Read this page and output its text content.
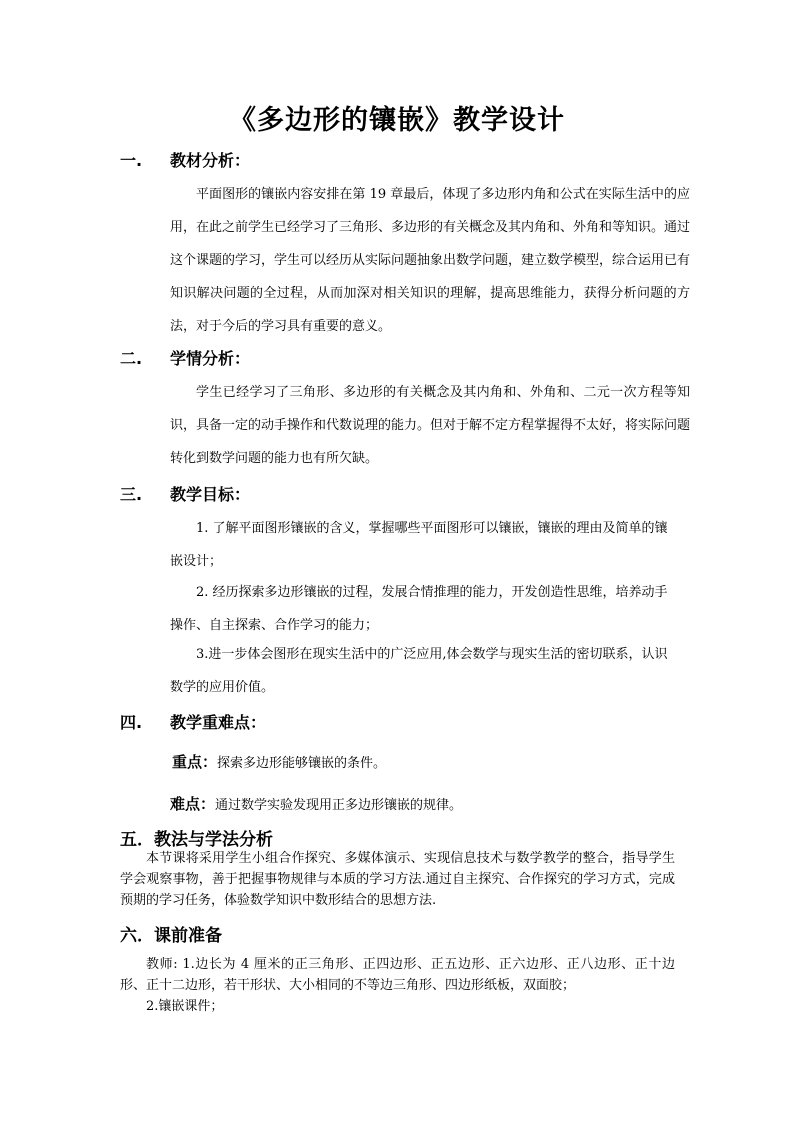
《多边形的镶嵌》教学设计
一.	教材分析：
平面图形的镶嵌内容安排在第 19 章最后，体现了多边形内角和公式在实际生活中的应用，在此之前学生已经学习了三角形、多边形的有关概念及其内角和、外角和等知识。通过这个课题的学习，学生可以经历从实际问题抽象出数学问题，建立数学模型，综合运用已有知识解决问题的全过程，从而加深对相关知识的理解，提高思维能力，获得分析问题的方法，对于今后的学习具有重要的意义。
二.	学情分析：
学生已经学习了三角形、多边形的有关概念及其内角和、外角和、二元一次方程等知识，具备一定的动手操作和代数说理的能力。但对于解不定方程掌握得不太好，将实际问题转化到数学问题的能力也有所欠缺。
三.	教学目标：
1. 了解平面图形镶嵌的含义，掌握哪些平面图形可以镶嵌，镶嵌的理由及简单的镶嵌设计；
2. 经历探索多边形镶嵌的过程，发展合情推理的能力，开发创造性思维，培养动手操作、自主探索、合作学习的能力；
3.进一步体会图形在现实生活中的广泛应用,体会数学与现实生活的密切联系，认识数学的应用价值。
四.	教学重难点：
重点：探索多边形能够镶嵌的条件。
难点：通过数学实验发现用正多边形镶嵌的规律。
五．教法与学法分析
本节课将采用学生小组合作探究、多媒体演示、实现信息技术与数学教学的整合，指导学生学会观察事物，善于把握事物规律与本质的学习方法.通过自主探究、合作探究的学习方式，完成预期的学习任务，体验数学知识中数形结合的思想方法.
六．课前准备
教师: 1.边长为 4 厘米的正三角形、正四边形、正五边形、正六边形、正八边形、正十边形、正十二边形，若干形状、大小相同的不等边三角形、四边形纸板，双面胶；
2.镶嵌课件；
